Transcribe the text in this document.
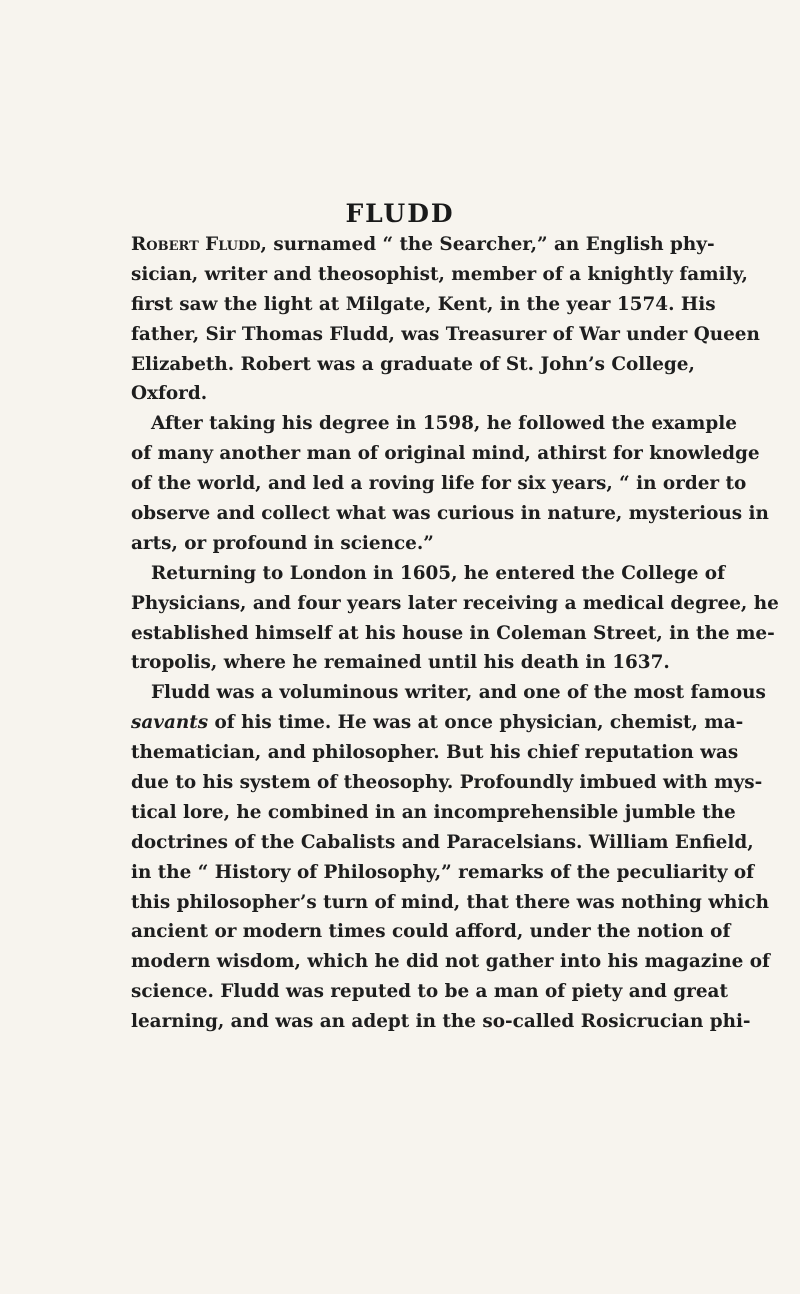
FLUDD
Robert Fludd, surnamed “ the Searcher,” an English phy-
sician, writer and theosophist, member of a knightly family,
first saw the light at Milgate, Kent, in the year 1574. His
father, Sir Thomas Fludd, was Treasurer of War under Queen
Elizabeth. Robert was a graduate of St. John’s College,
Oxford.
After taking his degree in 1598, he followed the example
of many another man of original mind, athirst for knowledge
of the world, and led a roving life for six years, “ in order to
observe and collect what was curious in nature, mysterious in
arts, or profound in science.”
Returning to London in 1605, he entered the College of
Physicians, and four years later receiving a medical degree, he
established himself at his house in Coleman Street, in the me-
tropolis, where he remained until his death in 1637.
Fludd was a voluminous writer, and one of the most famous
savants of his time. He was at once physician, chemist, ma-
thematician, and philosopher. But his chief reputation was
due to his system of theosophy. Profoundly imbued with mys-
tical lore, he combined in an incomprehensible jumble the
doctrines of the Cabalists and Paracelsians. William Enfield,
in the “ History of Philosophy,” remarks of the peculiarity of
this philosopher’s turn of mind, that there was nothing which
ancient or modern times could afford, under the notion of
modern wisdom, which he did not gather into his magazine of
science. Fludd was reputed to be a man of piety and great
learning, and was an adept in the so-called Rosicrucian phi-
